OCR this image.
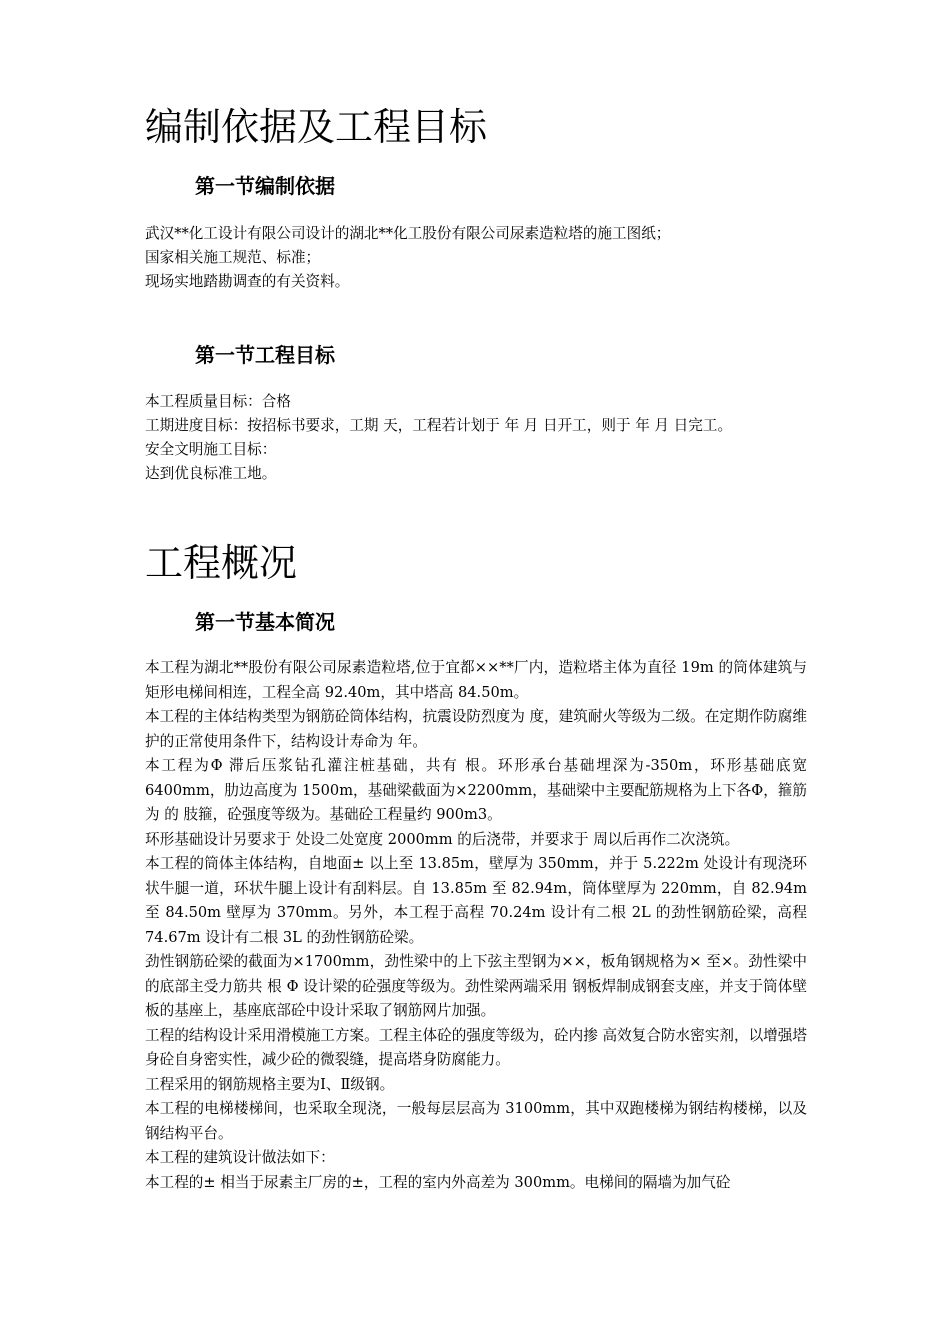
编制依据及工程目标
第一节编制依据
武汉**化工设计有限公司设计的湖北**化工股份有限公司尿素造粒塔的施工图纸；
国家相关施工规范、标准；
现场实地踏勘调查的有关资料。
第一节工程目标
本工程质量目标：合格
工期进度目标：按招标书要求，工期 天，工程若计划于 年 月 日开工，则于 年 月 日完工。
安全文明施工目标：
达到优良标准工地。
工程概况
第一节基本简况

本工程为湖北**股份有限公司尿素造粒塔,位于宜都××**厂内，造粒塔主体为直径 19m 的筒体建筑与矩形电梯间相连，工程全高 92.40m，其中塔高 84.50m。

本工程的主体结构类型为钢筋砼筒体结构，抗震设防烈度为 度，建筑耐火等级为二级。在定期作防腐维护的正常使用条件下，结构设计寿命为 年。

本工程为Φ 滞后压浆钻孔灌注桩基础，共有 根。环形承台基础埋深为-350m，环形基础底宽 6400mm，肋边高度为 1500m，基础梁截面为×2200mm，基础梁中主要配筋规格为上下各Φ，箍筋为 的 肢箍，砼强度等级为。基础砼工程量约 900m3。

环形基础设计另要求于 处设二处宽度 2000mm 的后浇带，并要求于 周以后再作二次浇筑。

本工程的筒体主体结构，自地面± 以上至 13.85m，壁厚为 350mm，并于 5.222m 处设计有现浇环状牛腿一道，环状牛腿上设计有刮料层。自 13.85m 至 82.94m，筒体壁厚为 220mm，自 82.94m 至 84.50m 壁厚为 370mm。另外，本工程于高程 70.24m 设计有二根 2L 的劲性钢筋砼梁，高程 74.67m 设计有二根 3L 的劲性钢筋砼梁。

劲性钢筋砼梁的截面为×1700mm，劲性梁中的上下弦主型钢为××，板角钢规格为× 至×。劲性梁中的底部主受力筋共 根 Φ 设计梁的砼强度等级为。劲性梁两端采用 钢板焊制成钢套支座，并支于筒体壁板的基座上，基座底部砼中设计采取了钢筋网片加强。

工程的结构设计采用滑模施工方案。工程主体砼的强度等级为，砼内掺 高效复合防水密实剂，以增强塔身砼自身密实性，减少砼的微裂缝，提高塔身防腐能力。

工程采用的钢筋规格主要为Ⅰ、Ⅱ级钢。

本工程的电梯楼梯间，也采取全现浇，一般每层层高为 3100mm，其中双跑楼梯为钢结构楼梯，以及钢结构平台。

本工程的建筑设计做法如下：

本工程的± 相当于尿素主厂房的±，工程的室内外高差为 300mm。电梯间的隔墙为加气砼
